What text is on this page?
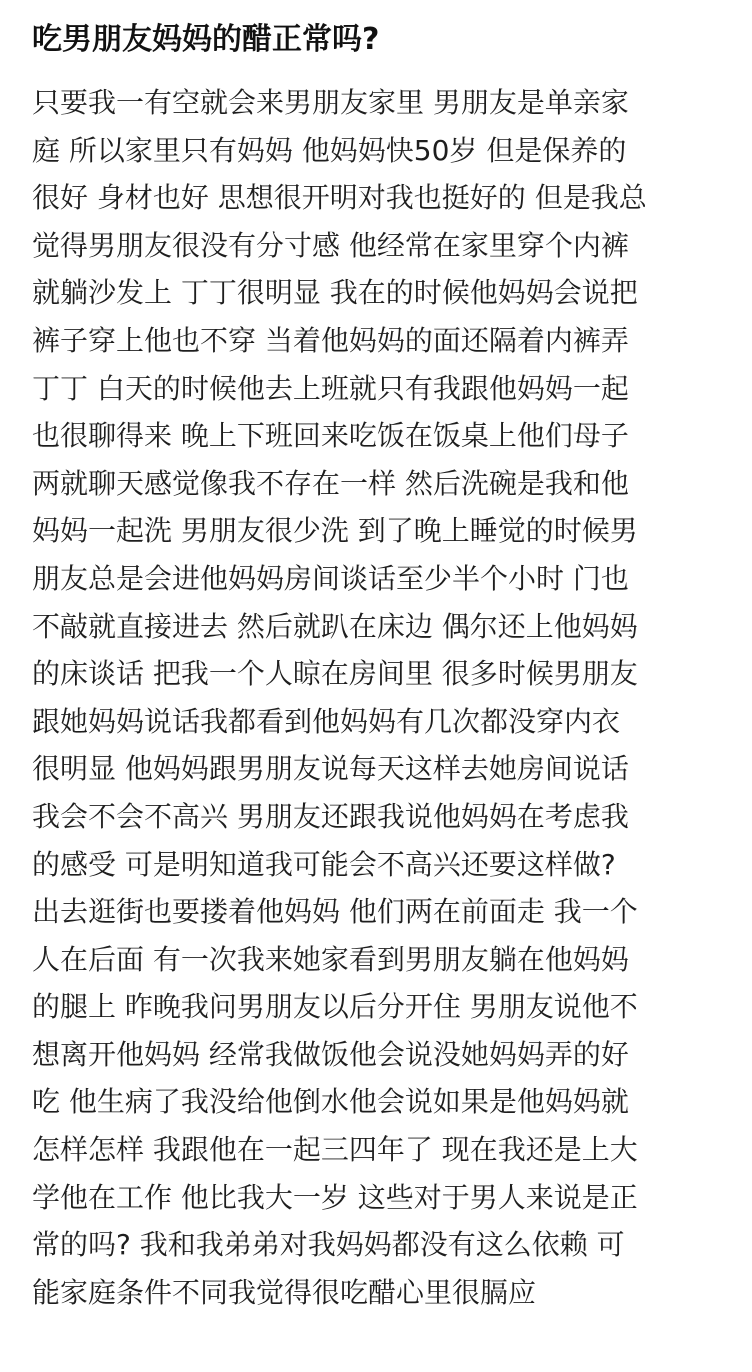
吃男朋友妈妈的醋正常吗?
只要我一有空就会来男朋友家里 男朋友是单亲家
庭 所以家里只有妈妈 他妈妈快50岁 但是保养的
很好 身材也好 思想很开明对我也挺好的 但是我总
觉得男朋友很没有分寸感 他经常在家里穿个内裤
就躺沙发上 丁丁很明显 我在的时候他妈妈会说把
裤子穿上他也不穿 当着他妈妈的面还隔着内裤弄
丁丁 白天的时候他去上班就只有我跟他妈妈一起
也很聊得来 晚上下班回来吃饭在饭桌上他们母子
两就聊天感觉像我不存在一样 然后洗碗是我和他
妈妈一起洗 男朋友很少洗 到了晚上睡觉的时候男
朋友总是会进他妈妈房间谈话至少半个小时 门也
不敲就直接进去 然后就趴在床边 偶尔还上他妈妈
的床谈话 把我一个人晾在房间里 很多时候男朋友
跟她妈妈说话我都看到他妈妈有几次都没穿内衣
很明显 他妈妈跟男朋友说每天这样去她房间说话
我会不会不高兴 男朋友还跟我说他妈妈在考虑我
的感受 可是明知道我可能会不高兴还要这样做?
出去逛街也要搂着他妈妈 他们两在前面走 我一个
人在后面 有一次我来她家看到男朋友躺在他妈妈
的腿上 昨晚我问男朋友以后分开住 男朋友说他不
想离开他妈妈 经常我做饭他会说没她妈妈弄的好
吃 他生病了我没给他倒水他会说如果是他妈妈就
怎样怎样 我跟他在一起三四年了 现在我还是上大
学他在工作 他比我大一岁 这些对于男人来说是正
常的吗? 我和我弟弟对我妈妈都没有这么依赖 可
能家庭条件不同我觉得很吃醋心里很膈应
